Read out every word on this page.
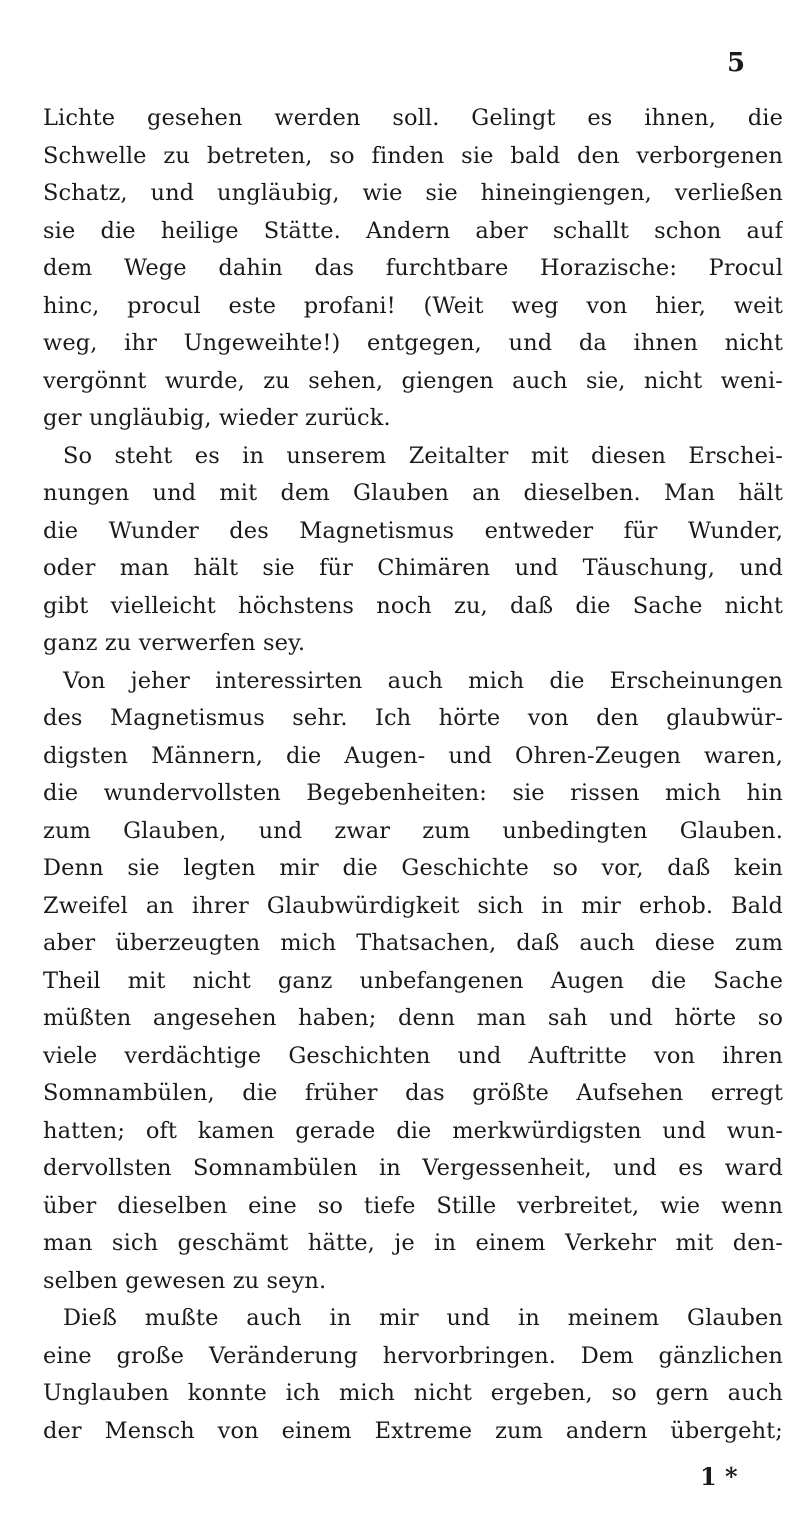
5
Lichte gesehen werden soll. Gelingt es ihnen, die
Schwelle zu betreten, so finden sie bald den verborgenen
Schatz, und ungläubig, wie sie hineingiengen, verließen
sie die heilige Stätte. Andern aber schallt schon auf
dem Wege dahin das furchtbare Horazische: Procul
hinc, procul este profani! (Weit weg von hier, weit
weg, ihr Ungeweihte!) entgegen, und da ihnen nicht
vergönnt wurde, zu sehen, giengen auch sie, nicht weni-
ger ungläubig, wieder zurück.
So steht es in unserem Zeitalter mit diesen Erschei-
nungen und mit dem Glauben an dieselben. Man hält
die Wunder des Magnetismus entweder für Wunder,
oder man hält sie für Chimären und Täuschung, und
gibt vielleicht höchstens noch zu, daß die Sache nicht
ganz zu verwerfen sey.
Von jeher interessirten auch mich die Erscheinungen
des Magnetismus sehr. Ich hörte von den glaubwür-
digsten Männern, die Augen- und Ohren-Zeugen waren,
die wundervollsten Begebenheiten: sie rissen mich hin
zum Glauben, und zwar zum unbedingten Glauben.
Denn sie legten mir die Geschichte so vor, daß kein
Zweifel an ihrer Glaubwürdigkeit sich in mir erhob. Bald
aber überzeugten mich Thatsachen, daß auch diese zum
Theil mit nicht ganz unbefangenen Augen die Sache
müßten angesehen haben; denn man sah und hörte so
viele verdächtige Geschichten und Auftritte von ihren
Somnambülen, die früher das größte Aufsehen erregt
hatten; oft kamen gerade die merkwürdigsten und wun-
dervollsten Somnambülen in Vergessenheit, und es ward
über dieselben eine so tiefe Stille verbreitet, wie wenn
man sich geschämt hätte, je in einem Verkehr mit den-
selben gewesen zu seyn.
Dieß mußte auch in mir und in meinem Glauben
eine große Veränderung hervorbringen. Dem gänzlichen
Unglauben konnte ich mich nicht ergeben, so gern auch
der Mensch von einem Extreme zum andern übergeht;
1 *
